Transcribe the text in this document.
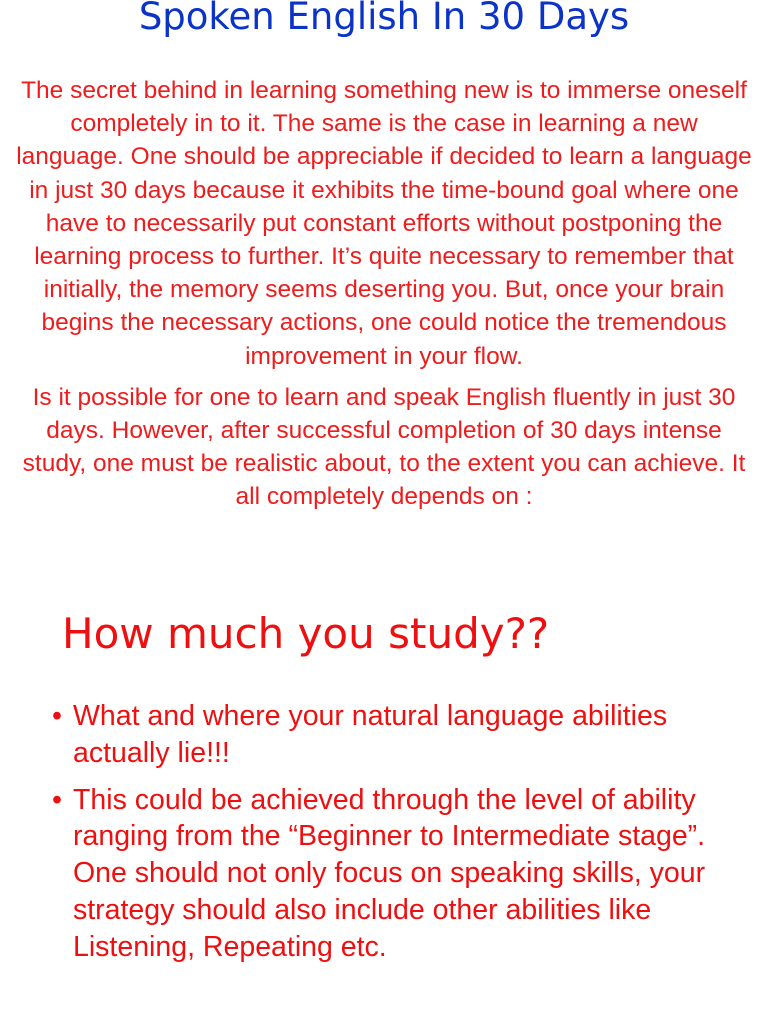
Spoken English In 30 Days

The secret behind in learning something new is to immerse oneself completely in to it. The same is the case in learning a new language. One should be appreciable if decided to learn a language in just 30 days because it exhibits the time-bound goal where one have to necessarily put constant efforts without postponing the learning process to further. It’s quite necessary to remember that initially, the memory seems deserting you. But, once your brain begins the necessary actions, one could notice the tremendous improvement in your flow.

Is it possible for one to learn and speak English fluently in just 30 days. However, after successful completion of 30 days intense study, one must be realistic about, to the extent you can achieve. It all completely depends on :

How much you study??
• What and where your natural language abilities actually lie!!!
• This could be achieved through the level of ability ranging from the “Beginner to Intermediate stage”. One should not only focus on speaking skills, your strategy should also include other abilities like Listening, Repeating etc.
